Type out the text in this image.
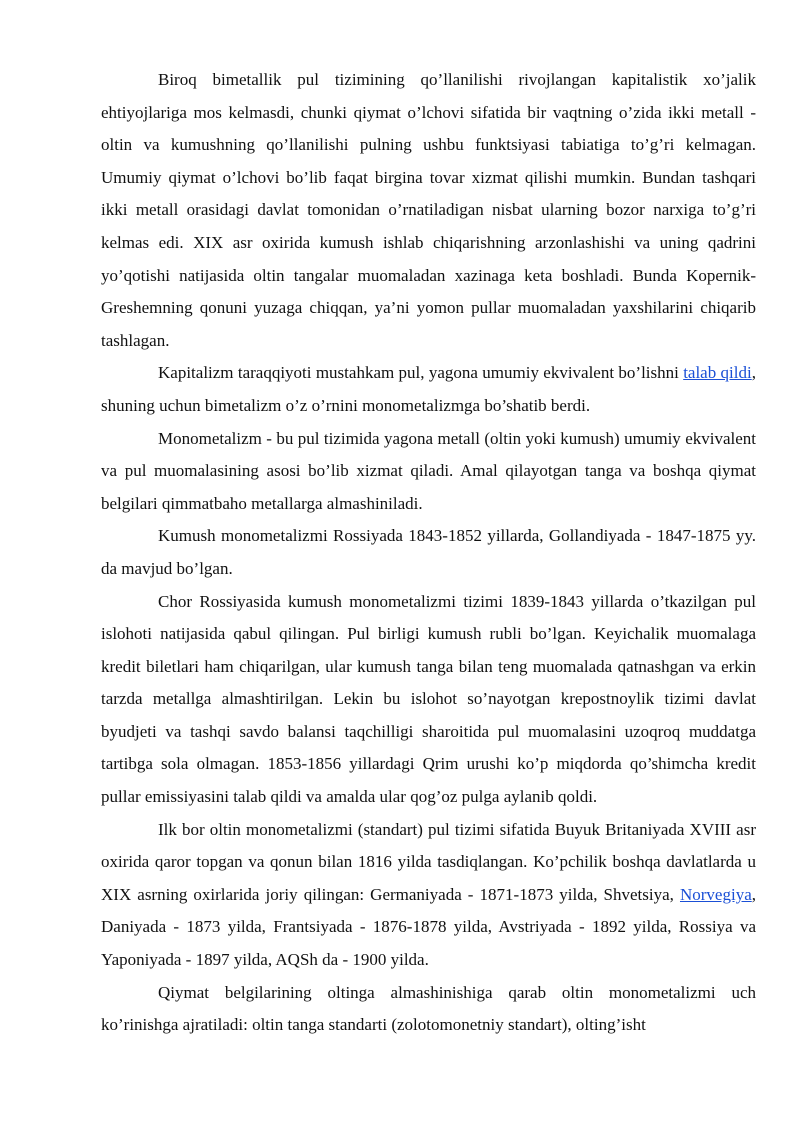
Biroq bimetallik pul tizimining qo’llanilishi rivojlangan kapitalistik xo’jalik ehtiyojlariga mos kelmasdi, chunki qiymat o’lchovi sifatida bir vaqtning o’zida ikki metall - oltin va kumushning qo’llanilishi pulning ushbu funktsiyasi tabiatiga to’g’ri kelmagan. Umumiy qiymat o’lchovi bo’lib faqat birgina tovar xizmat qilishi mumkin. Bundan tashqari ikki metall orasidagi davlat tomonidan o’rnatiladigan nisbat ularning bozor narxiga to’g’ri kelmas edi. XIX asr oxirida kumush ishlab chiqarishning arzonlashishi va uning qadrini yo’qotishi natijasida oltin tangalar muomaladan xazinaga keta boshladi. Bunda Kopernik-Greshemning qonuni yuzaga chiqqan, ya’ni yomon pullar muomaladan yaxshilarini chiqarib tashlagan.

Kapitalizm taraqqiyoti mustahkam pul, yagona umumiy ekvivalent bo’lishni talab qildi, shuning uchun bimetalizm o’z o’rnini monometalizmga bo’shatib berdi.

Monometalizm - bu pul tizimida yagona metall (oltin yoki kumush) umumiy ekvivalent va pul muomalasining asosi bo’lib xizmat qiladi. Amal qilayotgan tanga va boshqa qiymat belgilari qimmatbaho metallarga almashiniladi.

Kumush monometalizmi Rossiyada 1843-1852 yillarda, Gollandiyada - 1847-1875 yy. da mavjud bo’lgan.

Chor Rossiyasida kumush monometalizmi tizimi 1839-1843 yillarda o’tkazilgan pul islohoti natijasida qabul qilingan. Pul birligi kumush rubli bo’lgan. Keyichalik muomalaga kredit biletlari ham chiqarilgan, ular kumush tanga bilan teng muomalada qatnashgan va erkin tarzda metallga almashtirilgan. Lekin bu islohot so’nayotgan krepostnoylik tizimi davlat byudjeti va tashqi savdo balansi taqchilligi sharoitida pul muomalasini uzoqroq muddatga tartibga sola olmagan. 1853-1856 yillardagi Qrim urushi ko’p miqdorda qo’shimcha kredit pullar emissiyasini talab qildi va amalda ular qog’oz pulga aylanib qoldi.

Ilk bor oltin monometalizmi (standart) pul tizimi sifatida Buyuk Britaniyada XVIII asr oxirida qaror topgan va qonun bilan 1816 yilda tasdiqlangan. Ko’pchilik boshqa davlatlarda u XIX asrning oxirlarida joriy qilingan: Germaniyada - 1871-1873 yilda, Shvetsiya, Norvegiya, Daniyada - 1873 yilda, Frantsiyada - 1876-1878 yilda, Avstriyada - 1892 yilda, Rossiya va Yaponiyada - 1897 yilda, AQSh da - 1900 yilda.

Qiymat belgilarining oltinga almashinishiga qarab oltin monometalizmi uch ko’rinishga ajratiladi: oltin tanga standarti (zolotomonetniy standart), olting’isht
